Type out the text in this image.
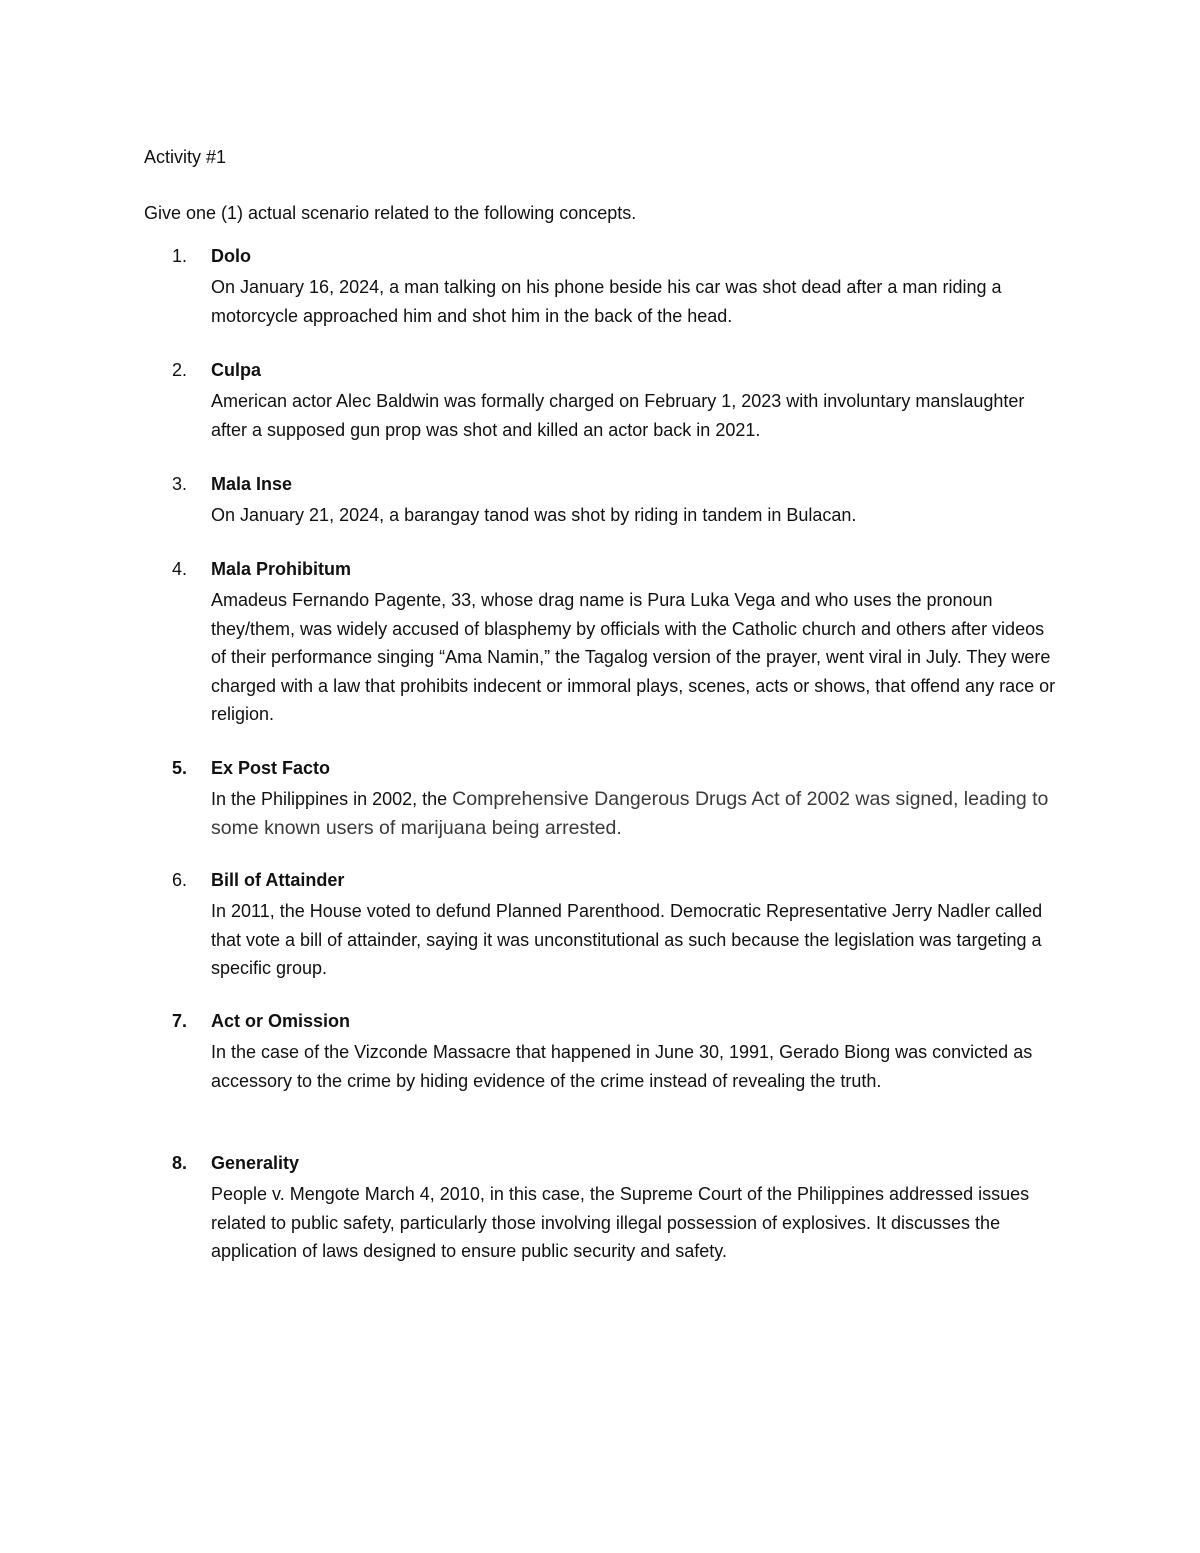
Activity #1
Give one (1) actual scenario related to the following concepts.
1. Dolo
On January 16, 2024, a man talking on his phone beside his car was shot dead after a man riding a motorcycle approached him and shot him in the back of the head.
2. Culpa
American actor Alec Baldwin was formally charged on February 1, 2023 with involuntary manslaughter after a supposed gun prop was shot and killed an actor back in 2021.
3. Mala Inse
On January 21, 2024, a barangay tanod was shot by riding in tandem in Bulacan.
4. Mala Prohibitum
Amadeus Fernando Pagente, 33, whose drag name is Pura Luka Vega and who uses the pronoun they/them, was widely accused of blasphemy by officials with the Catholic church and others after videos of their performance singing “Ama Namin,” the Tagalog version of the prayer, went viral in July. They were charged with a law that prohibits indecent or immoral plays, scenes, acts or shows, that offend any race or religion.
5. Ex Post Facto
In the Philippines in 2002, the Comprehensive Dangerous Drugs Act of 2002 was signed, leading to some known users of marijuana being arrested.
6. Bill of Attainder
In 2011, the House voted to defund Planned Parenthood. Democratic Representative Jerry Nadler called that vote a bill of attainder, saying it was unconstitutional as such because the legislation was targeting a specific group.
7. Act or Omission
In the case of the Vizconde Massacre that happened in June 30, 1991, Gerado Biong was convicted as accessory to the crime by hiding evidence of the crime instead of revealing the truth.
8. Generality
People v. Mengote March 4, 2010, in this case, the Supreme Court of the Philippines addressed issues related to public safety, particularly those involving illegal possession of explosives. It discusses the application of laws designed to ensure public security and safety.
